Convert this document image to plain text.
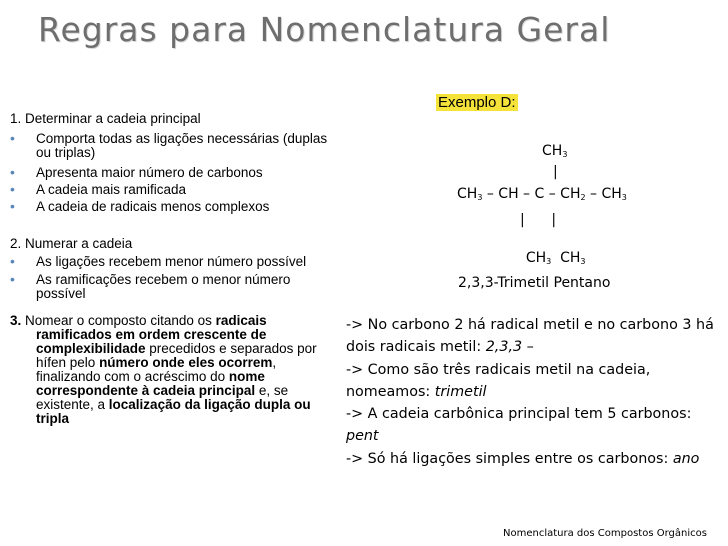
Regras para Nomenclatura Geral

1. Determinar a cadeia principal

• Comporta todas as ligações necessárias (duplas ou triplas)
• Apresenta maior número de carbonos
• A cadeia mais ramificada
• A cadeia de radicais menos complexos

2. Numerar a cadeia

• As ligações recebem menor número possível
• As ramificações recebem o menor número possível
3. Nomear o composto citando os radicais ramificados em ordem crescente de complexibilidade precedidos e separados por hífen pelo número onde eles ocorrem, finalizando com o acréscimo do nome correspondente à cadeia principal e, se existente, a localização da ligação dupla ou tripla
Exemplo D:
$CH_3$
|
$CH_3$ – CH – C – $CH_2 - CH_3$
|      |

$CH_3$  $CH_3$

2,3,3-Trimetil Pentano

-> No carbono 2 há radical metil e no carbono 3 há dois radicais metil: 2,3,3 –

-> Como são três radicais metil na cadeia, nomeamos: trimetil

-> A cadeia carbônica principal tem 5 carbonos: pent

-> Só há ligações simples entre os carbonos: ano

Nomenclatura dos Compostos Orgânicos
